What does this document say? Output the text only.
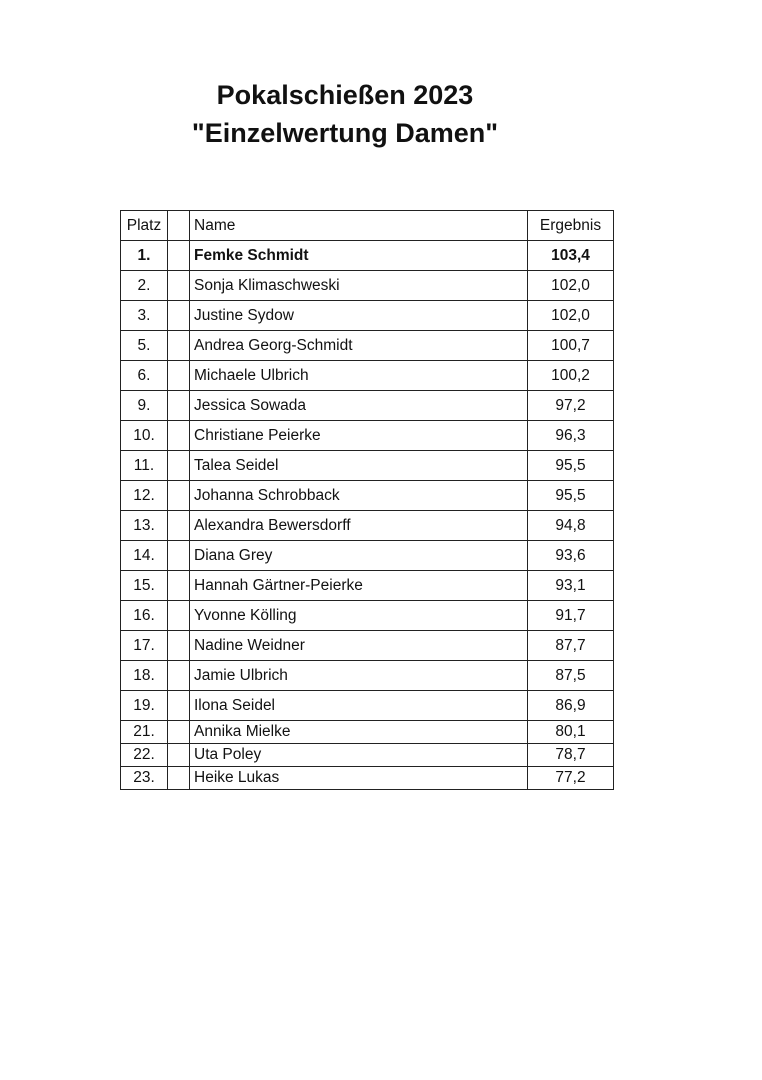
Pokalschießen 2023
"Einzelwertung Damen"
Platz		Name	Ergebnis
1.		Femke Schmidt	103,4
2.		Sonja Klimaschweski	102,0
3.		Justine Sydow	102,0
5.		Andrea Georg-Schmidt	100,7
6.		Michaele Ulbrich	100,2
9.		Jessica Sowada	97,2
10.		Christiane Peierke	96,3
11.		Talea Seidel	95,5
12.		Johanna Schrobback	95,5
13.		Alexandra Bewersdorff	94,8
14.		Diana Grey	93,6
15.		Hannah Gärtner-Peierke	93,1
16.		Yvonne Kölling	91,7
17.		Nadine Weidner	87,7
18.		Jamie Ulbrich	87,5
19.		Ilona Seidel	86,9
21.		Annika Mielke	80,1
22.		Uta Poley	78,7
23.		Heike Lukas	77,2
